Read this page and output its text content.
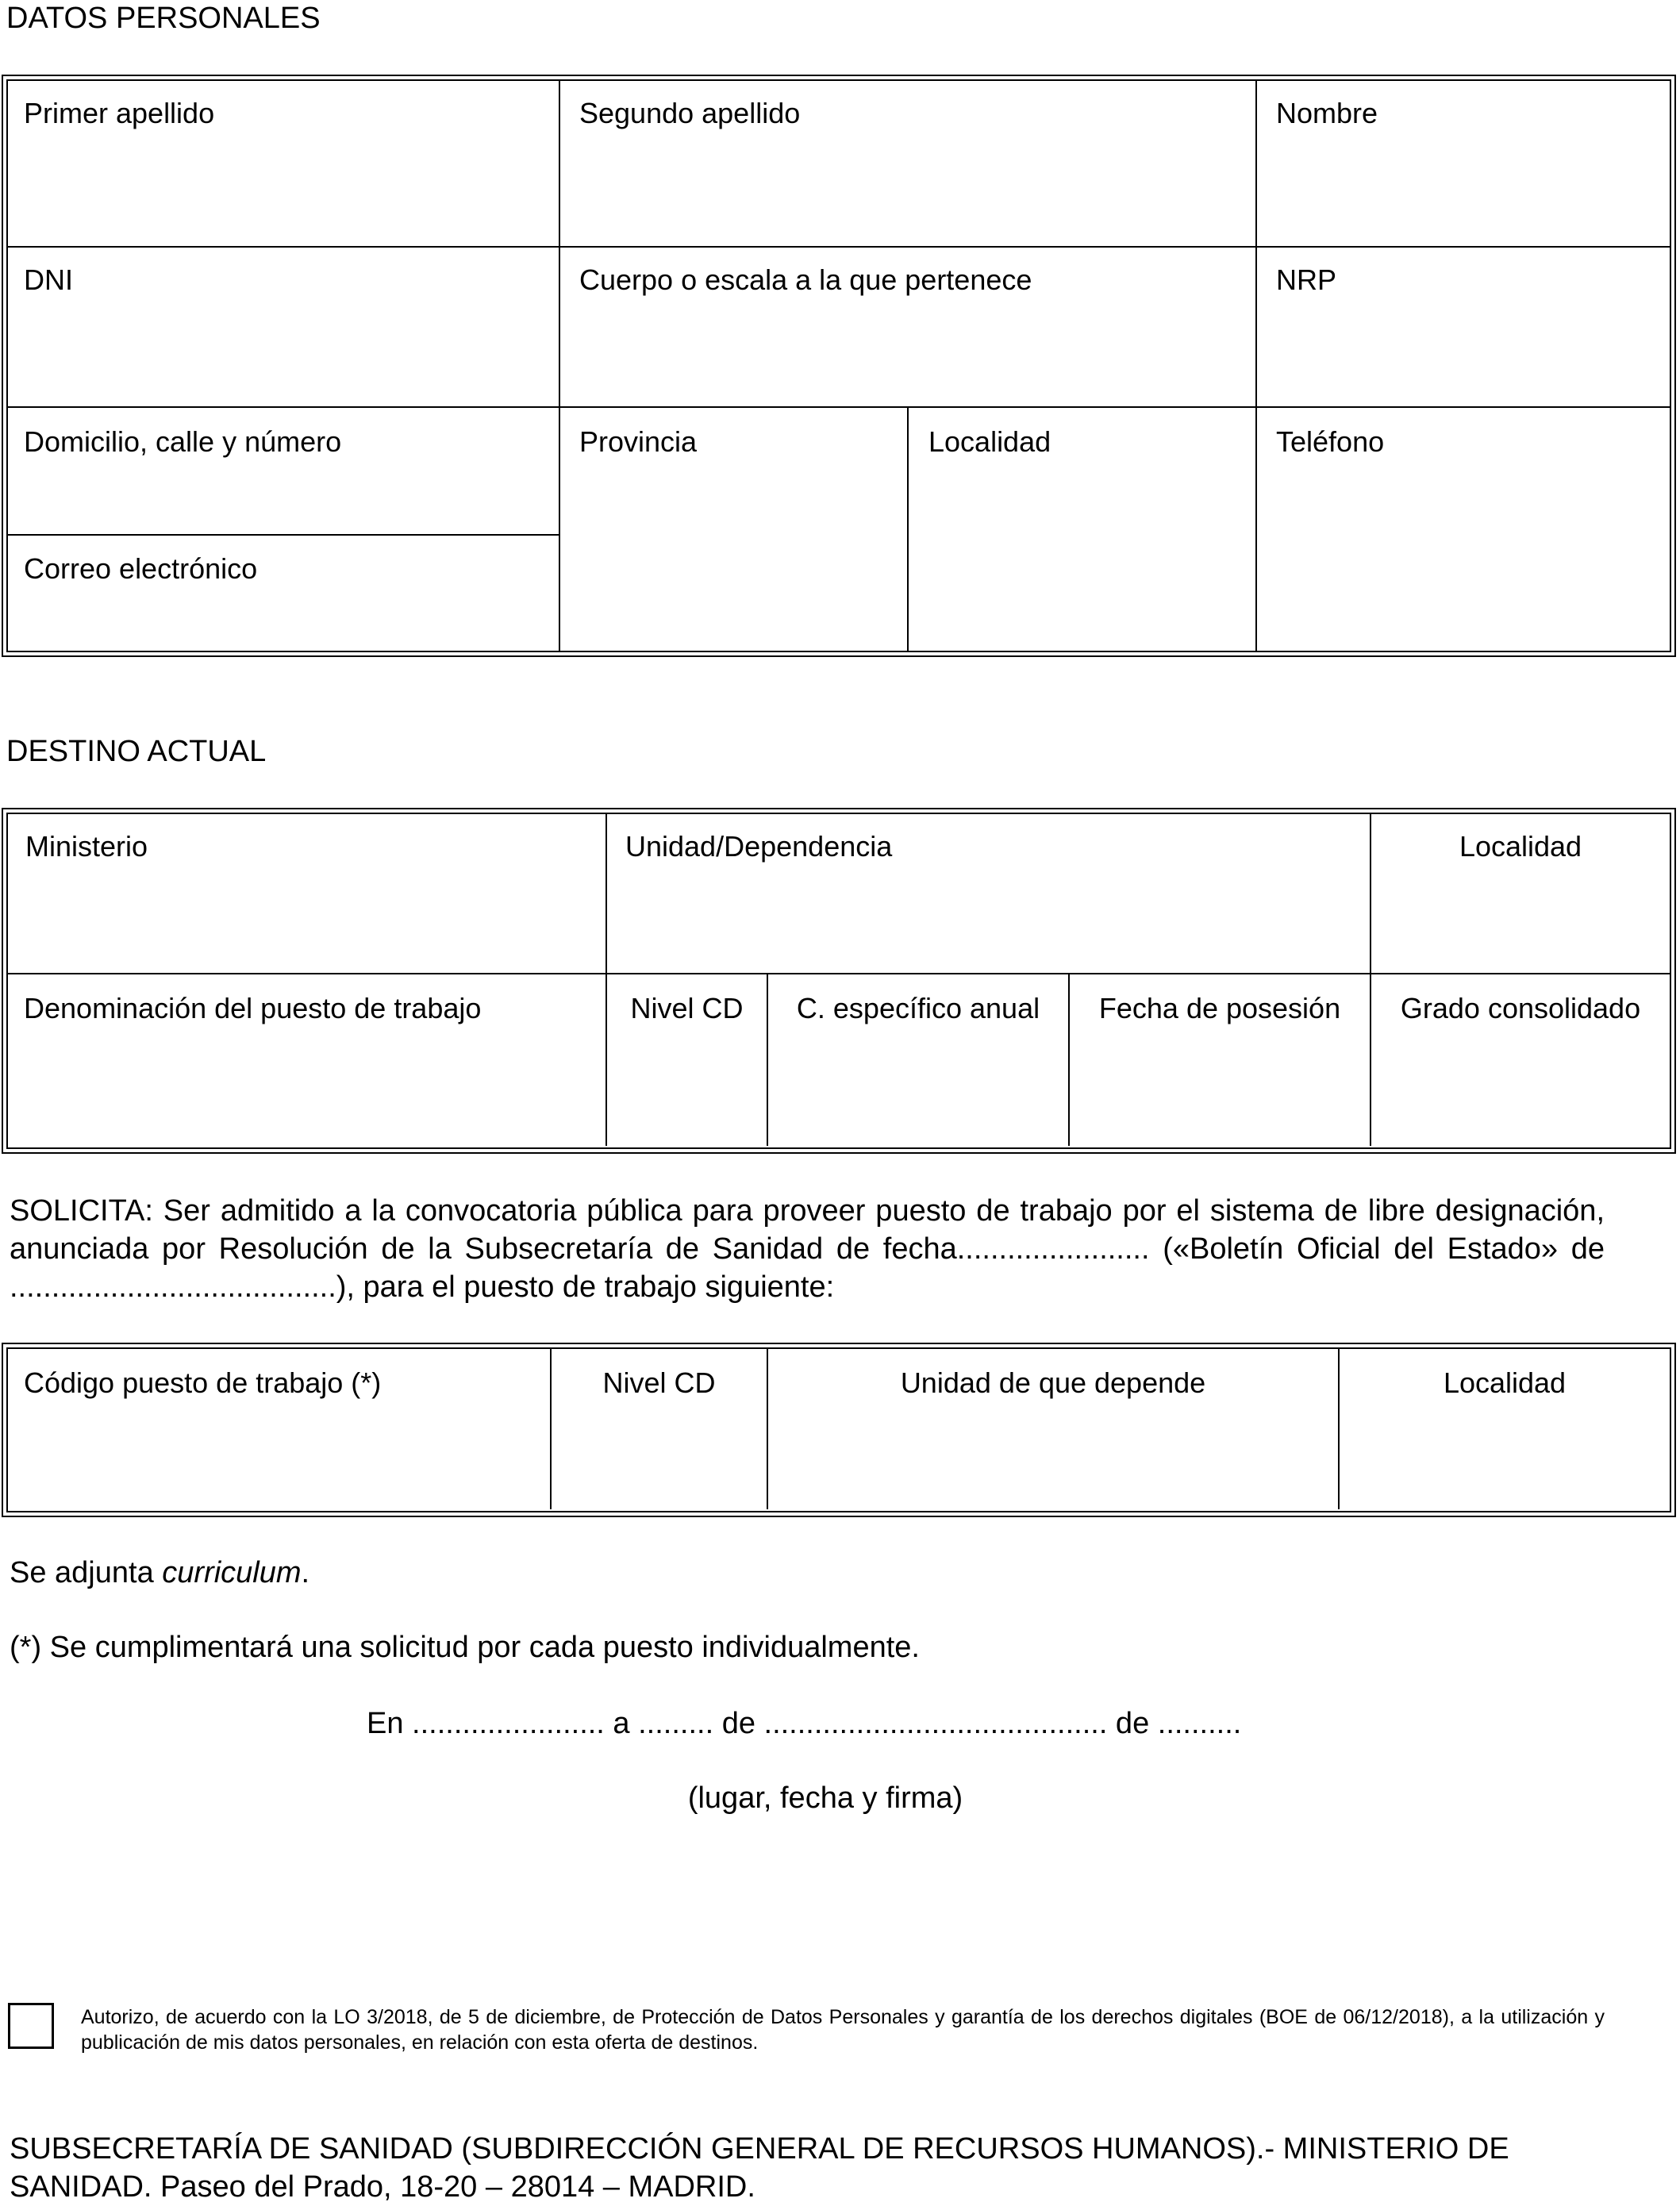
DATOS PERSONALES
Primer apellido	Segundo apellido	Nombre
DNI	Cuerpo o escala a la que pertenece	NRP
Domicilio, calle y número	Provincia	Localidad	Teléfono
Correo electrónico
DESTINO ACTUAL
Ministerio	Unidad/Dependencia	Localidad
Denominación del puesto de trabajo	Nivel CD	C. específico anual	Fecha de posesión	Grado consolidado
SOLICITA: Ser admitido a la convocatoria pública para proveer puesto de trabajo por el sistema de libre designación, anunciada por Resolución de la Subsecretaría de Sanidad de fecha....................... («Boletín Oficial del Estado» de .......................................), para el puesto de trabajo siguiente:
Código puesto de trabajo (*)	Nivel CD	Unidad de que depende	Localidad
Se adjunta curriculum.
(*) Se cumplimentará una solicitud por cada puesto individualmente.
En ....................... a ......... de ......................................... de ..........
(lugar, fecha y firma)
Autorizo, de acuerdo con la LO 3/2018, de 5 de diciembre, de Protección de Datos Personales y garantía de los derechos digitales (BOE de 06/12/2018), a la utilización y publicación de mis datos personales, en relación con esta oferta de destinos.
SUBSECRETARÍA DE SANIDAD (SUBDIRECCIÓN GENERAL DE RECURSOS HUMANOS).- MINISTERIO DE SANIDAD. Paseo del Prado, 18-20 – 28014 – MADRID.
